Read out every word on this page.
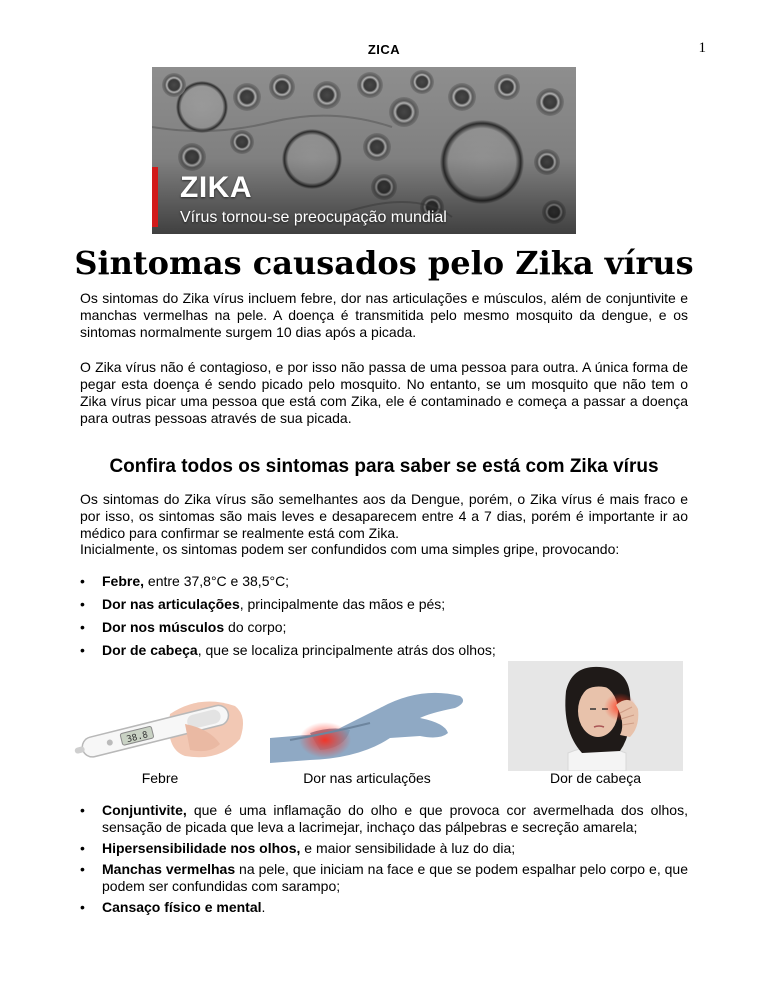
ZICA	1
ZIKA
Vírus tornou-se preocupação mundial
Sintomas causados pelo Zika vírus

Os sintomas do Zika vírus incluem febre, dor nas articulações e músculos, além de conjuntivite e manchas vermelhas na pele. A doença é transmitida pelo mesmo mosquito da dengue, e os sintomas normalmente surgem 10 dias após a picada.

O Zika vírus não é contagioso, e por isso não passa de uma pessoa para outra. A única forma de pegar esta doença é sendo picado pelo mosquito. No entanto, se um mosquito que não tem o Zika vírus picar uma pessoa que está com Zika, ele é contaminado e começa a passar a doença para outras pessoas através de sua picada.

Confira todos os sintomas para saber se está com Zika vírus

Os sintomas do Zika vírus são semelhantes aos da Dengue, porém, o Zika vírus é mais fraco e por isso, os sintomas são mais leves e desaparecem entre 4 a 7 dias, porém é importante ir ao médico para confirmar se realmente está com Zika.

Inicialmente, os sintomas podem ser confundidos com uma simples gripe, provocando:

• Febre, entre 37,8°C e 38,5°C;
• Dor nas articulações, principalmente das mãos e pés;
• Dor nos músculos do corpo;
• Dor de cabeça, que se localiza principalmente atrás dos olhos;
38.8
Febre	Dor nas articulações	Dor de cabeça
• Conjuntivite, que é uma inflamação do olho e que provoca cor avermelhada dos olhos, sensação de picada que leva a lacrimejar, inchaço das pálpebras e secreção amarela;
• Hipersensibilidade nos olhos, e maior sensibilidade à luz do dia;
• Manchas vermelhas na pele, que iniciam na face e que se podem espalhar pelo corpo e, que podem ser confundidas com sarampo;
• Cansaço físico e mental.
